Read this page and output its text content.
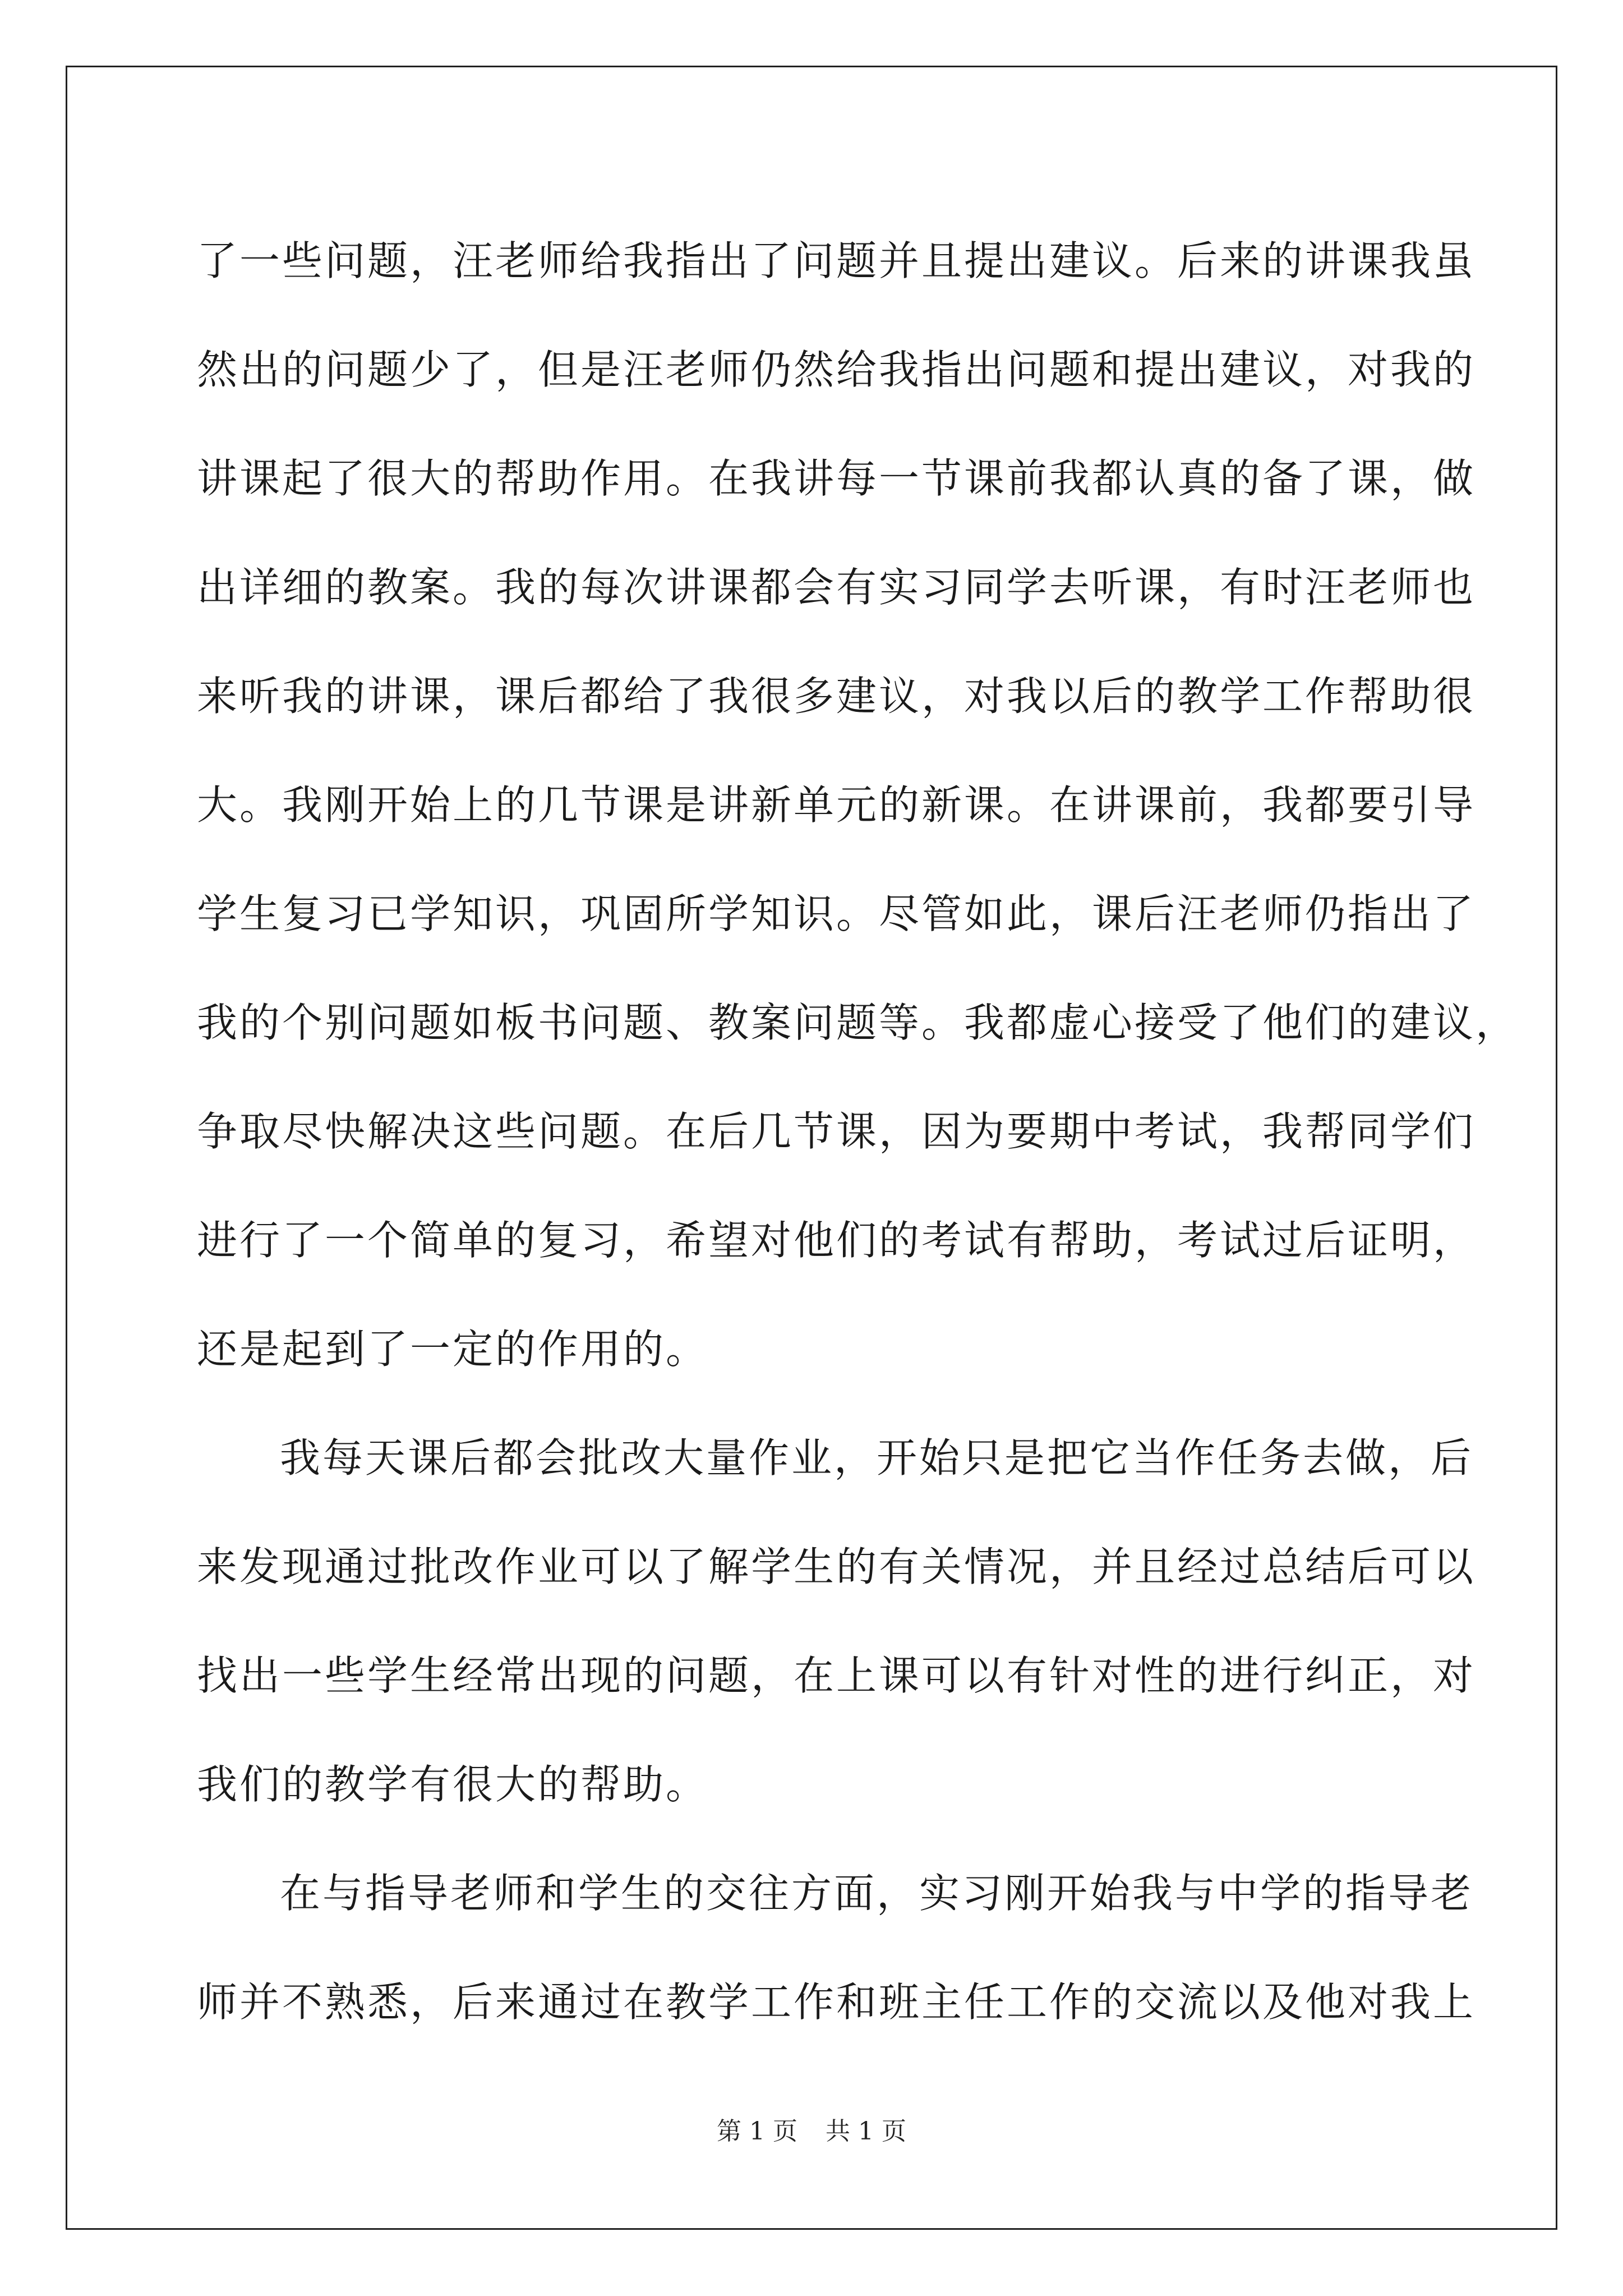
了一些问题，汪老师给我指出了问题并且提出建议。后来的讲课我虽
然出的问题少了，但是汪老师仍然给我指出问题和提出建议，对我的
讲课起了很大的帮助作用。在我讲每一节课前我都认真的备了课，做
出详细的教案。我的每次讲课都会有实习同学去听课，有时汪老师也
来听我的讲课，课后都给了我很多建议，对我以后的教学工作帮助很
大。我刚开始上的几节课是讲新单元的新课。在讲课前，我都要引导
学生复习已学知识，巩固所学知识。尽管如此，课后汪老师仍指出了
我的个别问题如板书问题、教案问题等。我都虚心接受了他们的建议，
争取尽快解决这些问题。在后几节课，因为要期中考试，我帮同学们
进行了一个简单的复习，希望对他们的考试有帮助，考试过后证明，
还是起到了一定的作用的。
我每天课后都会批改大量作业，开始只是把它当作任务去做，后
来发现通过批改作业可以了解学生的有关情况，并且经过总结后可以
找出一些学生经常出现的问题，在上课可以有针对性的进行纠正，对
我们的教学有很大的帮助。
在与指导老师和学生的交往方面，实习刚开始我与中学的指导老
师并不熟悉，后来通过在教学工作和班主任工作的交流以及他对我上
第 1 页 共 1 页
